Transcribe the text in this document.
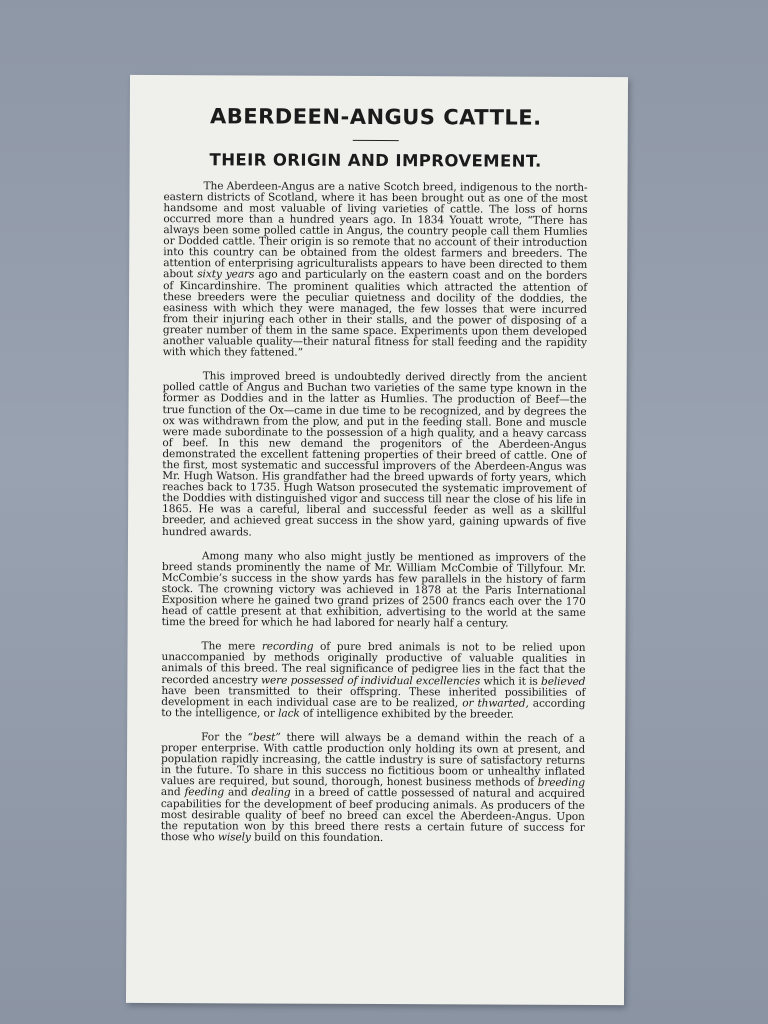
ABERDEEN-ANGUS CATTLE.
THEIR ORIGIN AND IMPROVEMENT.

The Aberdeen-Angus are a native Scotch breed, indigenous to the north-eastern districts of Scotland, where it has been brought out as one of the most handsome and most valuable of living varieties of cattle. The loss of horns occurred more than a hundred years ago. In 1834 Youatt wrote, “There has always been some polled cattle in Angus, the country people call them Humlies or Dodded cattle. Their origin is so remote that no account of their introduction into this country can be obtained from the oldest farmers and breeders. The attention of enterprising agriculturalists appears to have been directed to them about sixty years ago and particularly on the eastern coast and on the borders of Kincardinshire. The prominent qualities which attracted the attention of these breeders were the peculiar quietness and docility of the doddies, the easiness with which they were managed, the few losses that were incurred from their injuring each other in their stalls, and the power of disposing of a greater number of them in the same space. Experiments upon them developed another valuable quality—their natural fitness for stall feeding and the rapidity with which they fattened.”

This improved breed is undoubtedly derived directly from the ancient polled cattle of Angus and Buchan two varieties of the same type known in the former as Doddies and in the latter as Humlies. The production of Beef—the true function of the Ox—came in due time to be recognized, and by degrees the ox was withdrawn from the plow, and put in the feeding stall. Bone and muscle were made subordinate to the possession of a high quality, and a heavy carcass of beef. In this new demand the progenitors of the Aberdeen-Angus demonstrated the excellent fattening properties of their breed of cattle. One of the first, most systematic and successful improvers of the Aberdeen-Angus was Mr. Hugh Watson. His grandfather had the breed upwards of forty years, which reaches back to 1735. Hugh Watson prosecuted the systematic improvement of the Doddies with distinguished vigor and success till near the close of his life in 1865. He was a careful, liberal and successful feeder as well as a skillful breeder, and achieved great success in the show yard, gaining upwards of five hundred awards.

Among many who also might justly be mentioned as improvers of the breed stands prominently the name of Mr. William McCombie of Tillyfour. Mr. McCombie’s success in the show yards has few parallels in the history of farm stock. The crowning victory was achieved in 1878 at the Paris International Exposition where he gained two grand prizes of 2500 francs each over the 170 head of cattle present at that exhibition, advertising to the world at the same time the breed for which he had labored for nearly half a century.

The mere recording of pure bred animals is not to be relied upon unaccompanied by methods originally productive of valuable qualities in animals of this breed. The real significance of pedigree lies in the fact that the recorded ancestry were possessed of individual excellencies which it is believed have been transmitted to their offspring. These inherited possibilities of development in each individual case are to be realized, or thwarted, according to the intelligence, or lack of intelligence exhibited by the breeder.

For the “best” there will always be a demand within the reach of a proper enterprise. With cattle production only holding its own at present, and population rapidly increasing, the cattle industry is sure of satisfactory returns in the future. To share in this success no fictitious boom or unhealthy inflated values are required, but sound, thorough, honest business methods of breeding and feeding and dealing in a breed of cattle possessed of natural and acquired capabilities for the development of beef producing animals. As producers of the most desirable quality of beef no breed can excel the Aberdeen-Angus. Upon the reputation won by this breed there rests a certain future of success for those who wisely build on this foundation.
